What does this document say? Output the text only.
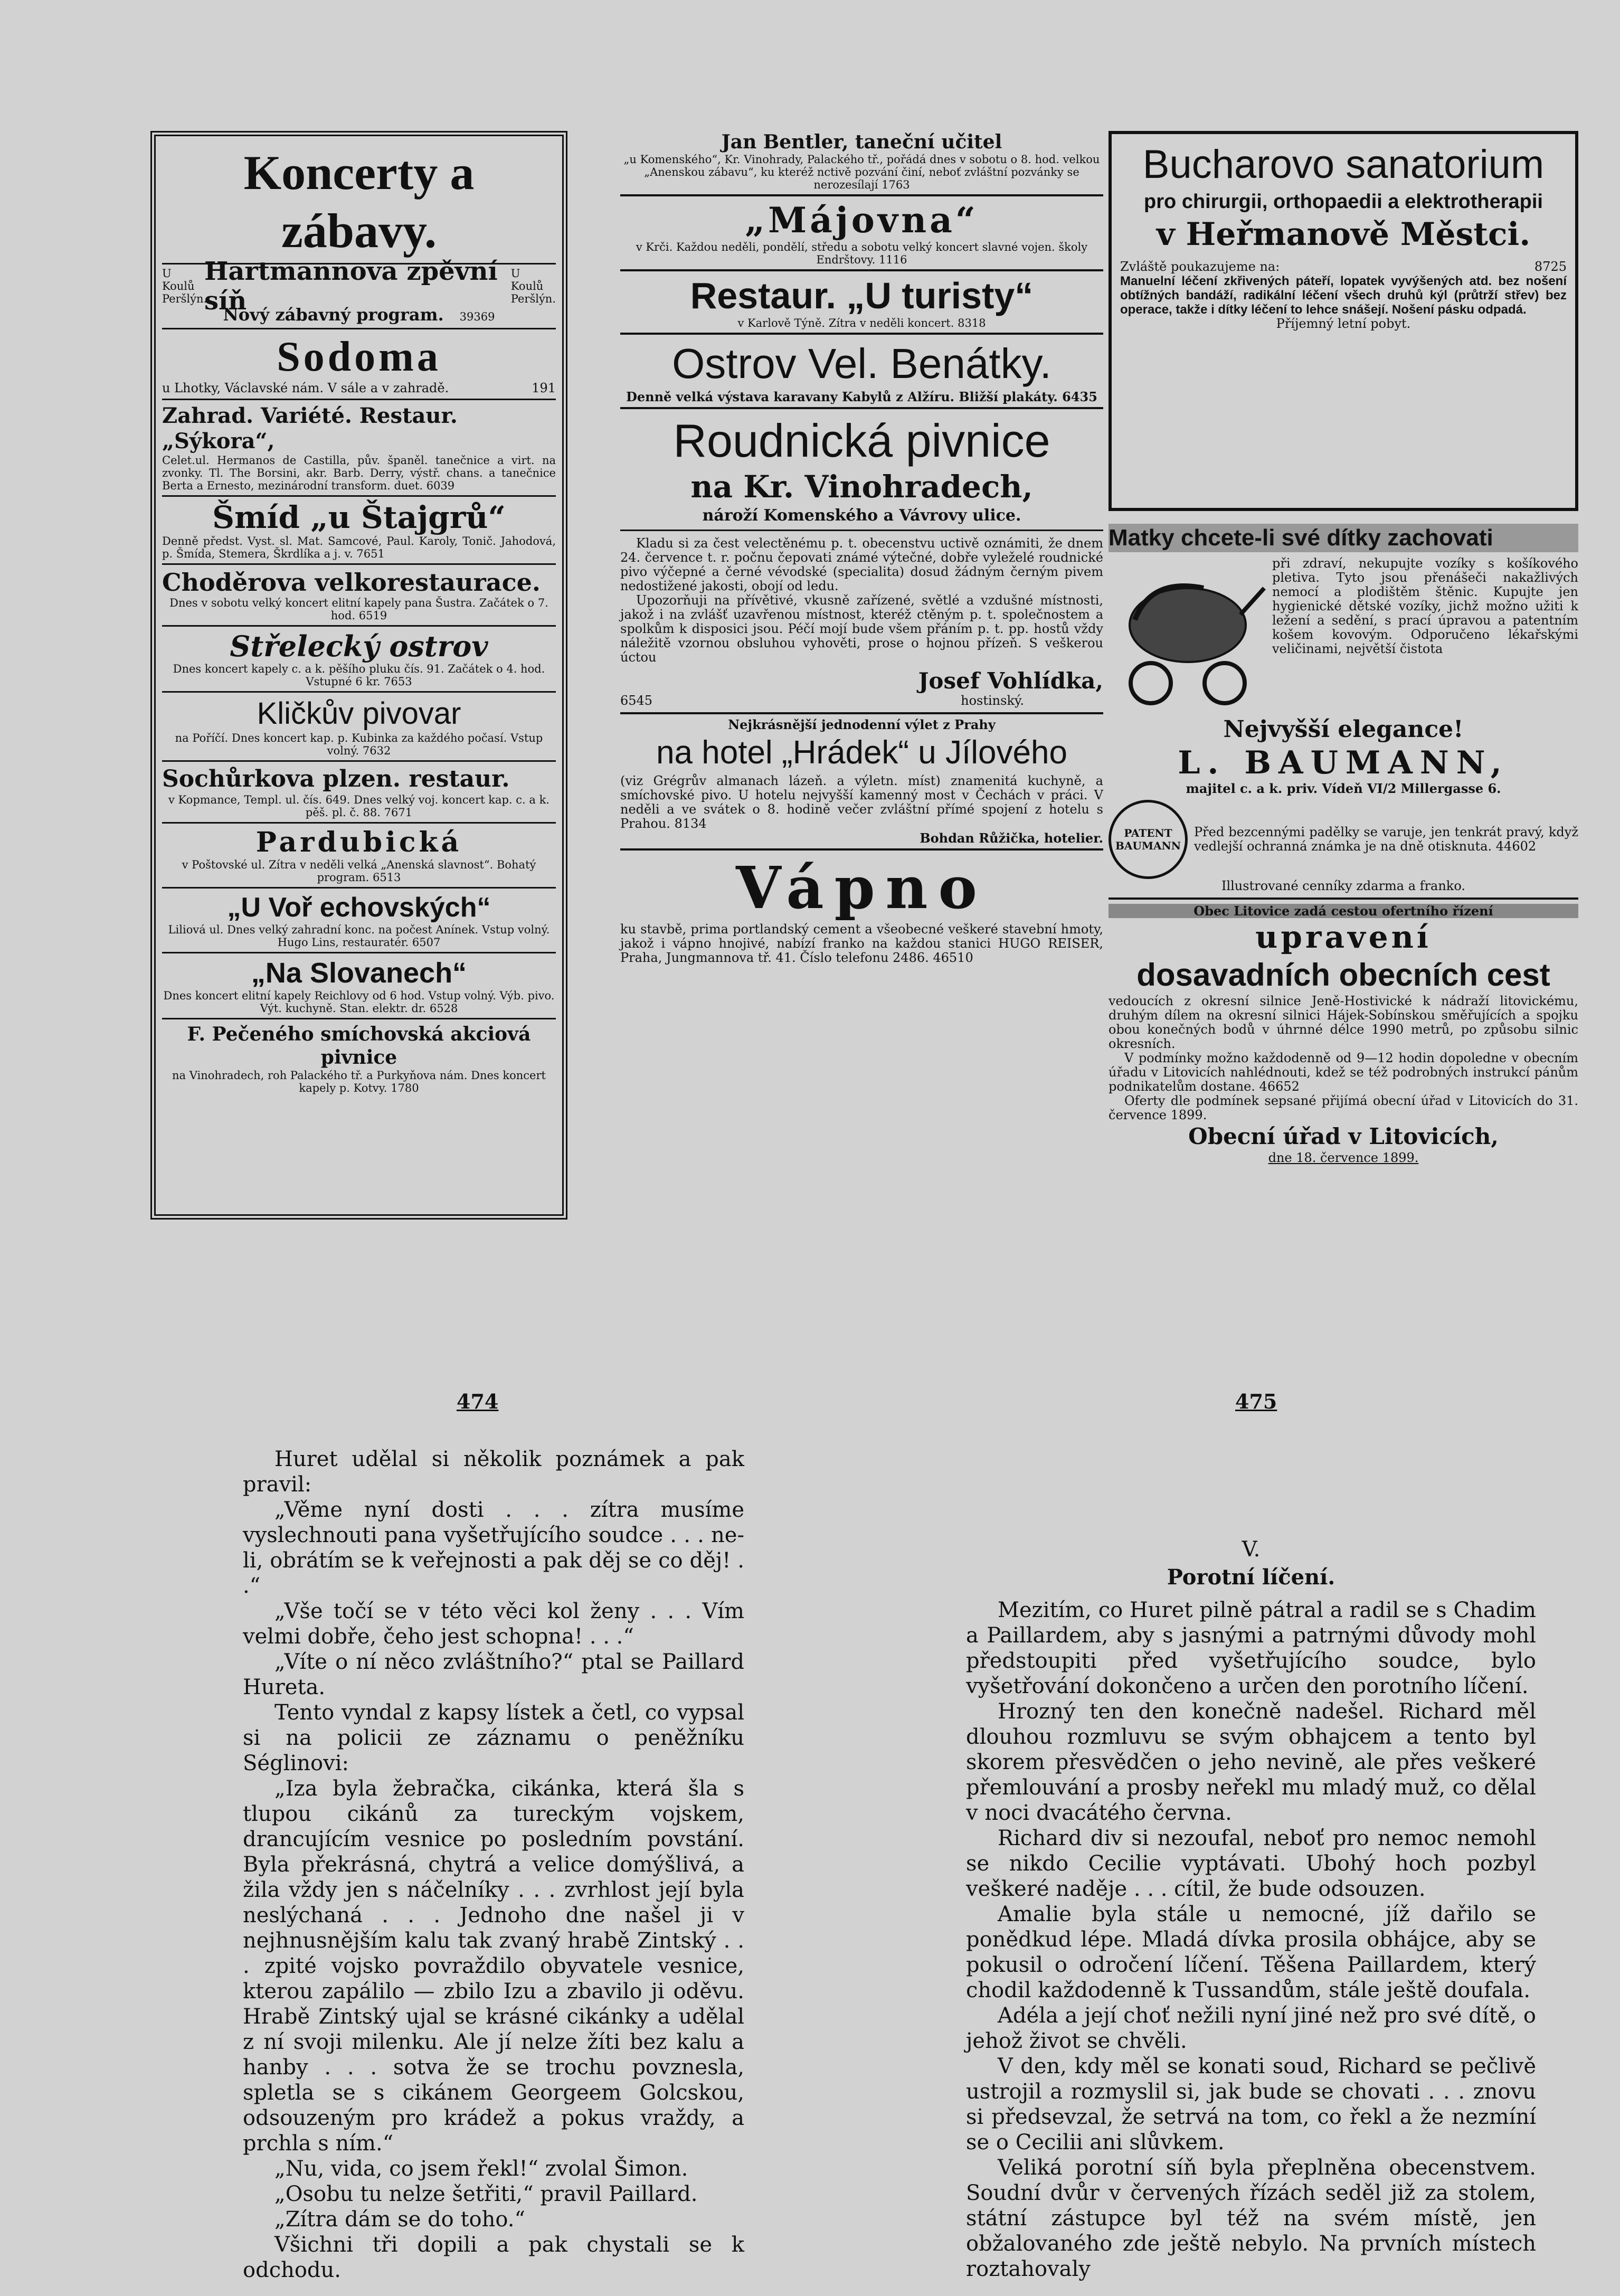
Koncerty a zábavy.
U Koulů Peršlýn.
Hartmannova zpěvní síň
U Koulů Peršlýn.
Nový zábavný program. 39369
Sodoma
u Lhotky, Václavské nám. V sále a v zahradě.	191
Zahrad. Variété. Restaur. „Sýkora“,
Celet.ul. Hermanos de Castilla, pův. španěl. tanečnice a virt. na zvonky. Tl. The Borsini, akr. Barb. Derry, výstř. chans. a tanečnice Berta a Ernesto, mezinárodní transform. duet. 6039
Šmíd „u Štajgrů“
Denně předst. Vyst. sl. Mat. Samcové, Paul. Karoly, Tonič. Jahodová, p. Šmída, Stemera, Škrdlíka a j. v. 7651
Choděrova velkorestaurace.
Dnes v sobotu velký koncert elitní kapely pana Šustra. Začátek o 7. hod. 6519
Střelecký ostrov
Dnes koncert kapely c. a k. pěšího pluku čís. 91. Začátek o 4. hod. Vstupné 6 kr. 7653
Kličkův pivovar
na Poříčí. Dnes koncert kap. p. Kubinka za každého počasí. Vstup volný. 7632
Sochůrkova plzen. restaur.
v Kopmance, Templ. ul. čís. 649. Dnes velký voj. koncert kap. c. a k. pěš. pl. č. 88. 7671
Pardubická
v Poštovské ul. Zítra v neděli velká „Anenská slavnost“. Bohatý program. 6513
„U Voř echovských“
Liliová ul. Dnes velký zahradní konc. na počest Anínek. Vstup volný. Hugo Lins, restauratér. 6507
„Na Slovanech“
Dnes koncert elitní kapely Reichlovy od 6 hod. Vstup volný. Výb. pivo. Výt. kuchyně. Stan. elektr. dr. 6528
F. Pečeného smíchovská akciová pivnice
na Vinohradech, roh Palackého tř. a Purkyňova nám. Dnes koncert kapely p. Kotvy. 1780
Jan Bentler, taneční učitel
„u Komenského“, Kr. Vinohrady, Palackého tř., pořádá dnes v sobotu o 8. hod. velkou „Anenskou zábavu“, ku kteréž nctivě pozvání činí, neboť zvláštní pozvánky se nerozesílají 1763
„Májovna“
v Krči. Každou neděli, pondělí, středu a sobotu velký koncert slavné vojen. školy Endrštovy. 1116
Restaur. „U turisty“
v Karlově Týně. Zítra v neděli koncert. 8318
Ostrov Vel. Benátky.
Denně velká výstava karavany Kabylů z Alžíru. Bližší plakáty. 6435
Roudnická pivnice
na Kr. Vinohradech,
nároží Komenského a Vávrovy ulice.
Kladu si za čest velectěnému p. t. obecenstvu uctivě oznámiti, že dnem 24. července t. r. počnu čepovati známé výtečné, dobře vyleželé roudnické pivo výčepné a černé vévodské (specialita) dosud žádným černým pivem nedostižené jakosti, obojí od ledu.
Upozorňuji na přívětivé, vkusně zařízené, světlé a vzdušné místnosti, jakož i na zvlášť uzavřenou místnost, kteréž ctěným p. t. společnostem a spolkům k disposici jsou. Péčí mojí bude všem přáním p. t. pp. hostů vždy náležitě vzornou obsluhou vyhověti, prose o hojnou přízeň. S veškerou úctou
Josef Vohlídka,
6545	hostinský.
Nejkrásnější jednodenní výlet z Prahy
na hotel „Hrádek“ u Jílového
(viz Grégrův almanach lázeň. a výletn. míst) znamenitá kuchyně, a smíchovské pivo. U hotelu nejvyšší kamenný most v Čechách v práci. V neděli a ve svátek o 8. hodině večer zvláštní přímé spojení z hotelu s Prahou. 8134
Bohdan Růžička, hotelier.
Vápno
ku stavbě, prima portlandský cement a všeobecné veškeré stavební hmoty, jakož i vápno hnojivé, nabízí franko na každou stanici HUGO REISER, Praha, Jungmannova tř. 41. Číslo telefonu 2486. 46510
Bucharovo sanatorium
pro chirurgii, orthopaedii a elektrotherapii
v Heřmanově Městci.
Zvláště poukazujeme na:	8725
Manuelní léčení zkřivených páteří, lopatek vyvýšených atd. bez nošení obtížných bandáží, radikální léčení všech druhů kýl (průtrží střev) bez operace, takže i dítky léčení to lehce snášejí. Nošení pásku odpadá.
Příjemný letní pobyt.
Matky chcete-li své dítky zachovati
při zdraví, nekupujte vozíky s košíkového pletiva. Tyto jsou přenášeči nakažlivých nemocí a plodištěm štěnic. Kupujte jen hygienické dětské vozíky, jichž možno užiti k ležení a sedění, s prací úpravou a patentním košem kovovým. Odporučeno lékařskými veličinami, největší čistota
Nejvyšší elegance!
L. BAUMANN,
majitel c. a k. priv. Vídeň VI/2 Millergasse 6.
PATENT BAUMANN
Před bezcennými padělky se varuje, jen tenkrát pravý, když vedlejší ochranná známka je na dně otisknuta. 44602
Illustrované cenníky zdarma a franko.
Obec Litovice zadá cestou ofertního řízení
upravení
dosavadních obecních cest
vedoucích z okresní silnice Jeně-Hostivické k nádraží litovickému, druhým dílem na okresní silnici Hájek-Sobínskou směřujících a spojku obou konečných bodů v úhrnné délce 1990 metrů, po způsobu silnic okresních.
V podmínky možno každodenně od 9—12 hodin dopoledne v obecním úřadu v Litovicích nahlédnouti, kdež se též podrobných instrukcí pánům podnikatelům dostane. 46652
Oferty dle podmínek sepsané přijímá obecní úřad v Litovicích do 31. července 1899.
Obecní úřad v Litovicích,
dne 18. července 1899.
474	475

Huret udělal si několik poznámek a pak pravil:

„Věme nyní dosti . . . zítra musíme vyslechnouti pana vyšetřujícího soudce . . . ne-li, obrátím se k veřejnosti a pak děj se co děj! . .“

„Vše točí se v této věci kol ženy . . . Vím velmi dobře, čeho jest schopna! . . .“

„Víte o ní něco zvláštního?“ ptal se Paillard Hureta.

Tento vyndal z kapsy lístek a četl, co vypsal si na policii ze záznamu o peněžníku Séglinovi:

„Iza byla žebračka, cikánka, která šla s tlupou cikánů za tureckým vojskem, drancujícím vesnice po posledním povstání. Byla překrásná, chytrá a velice domýšlivá, a žila vždy jen s náčelníky . . . zvrhlost její byla neslýchaná . . . Jednoho dne našel ji v nejhnusnějším kalu tak zvaný hrabě Zintský . . . zpité vojsko povraždilo obyvatele vesnice, kterou zapálilo — zbilo Izu a zbavilo ji oděvu. Hrabě Zintský ujal se krásné cikánky a udělal z ní svoji milenku. Ale jí nelze žíti bez kalu a hanby . . . sotva že se trochu povznesla, spletla se s cikánem Georgeem Golcskou, odsouzeným pro krádež a pokus vraždy, a prchla s ním.“

„Nu, vida, co jsem řekl!“ zvolal Šimon.

„Osobu tu nelze šetřiti,“ pravil Paillard.

„Zítra dám se do toho.“

Všichni tři dopili a pak chystali se k odchodu.

V.
Porotní líčení.

Mezitím, co Huret pilně pátral a radil se s Chadim a Paillardem, aby s jasnými a patrnými důvody mohl předstoupiti před vyšetřujícího soudce, bylo vyšetřování dokončeno a určen den porotního líčení.

Hrozný ten den konečně nadešel. Richard měl dlouhou rozmluvu se svým obhajcem a tento byl skorem přesvědčen o jeho nevině, ale přes veškeré přemlouvání a prosby neřekl mu mladý muž, co dělal v noci dvacátého června.

Richard div si nezoufal, neboť pro nemoc nemohl se nikdo Cecilie vyptávati. Ubohý hoch pozbyl veškeré naděje . . . cítil, že bude odsouzen.

Amalie byla stále u nemocné, jíž dařilo se ponědkud lépe. Mladá dívka prosila obhájce, aby se pokusil o odročení líčení. Těšena Paillardem, který chodil každodenně k Tussandům, stále ještě doufala.

Adéla a její choť nežili nyní jiné než pro své dítě, o jehož život se chvěli.

V den, kdy měl se konati soud, Richard se pečlivě ustrojil a rozmyslil si, jak bude se chovati . . . znovu si předsevzal, že setrvá na tom, co řekl a že nezmíní se o Cecilii ani slůvkem.

Veliká porotní síň byla přeplněna obecenstvem. Soudní dvůr v červených řízách seděl již za stolem, státní zástupce byl též na svém místě, jen obžalovaného zde ještě nebylo. Na prvních místech roztahovaly
